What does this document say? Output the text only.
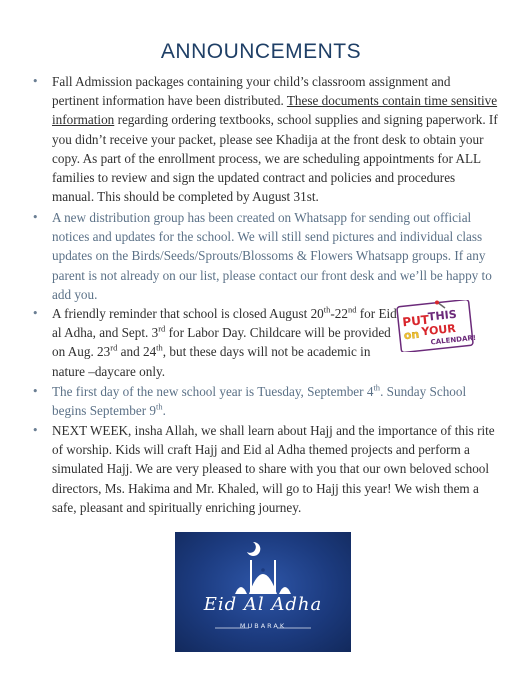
ANNOUNCEMENTS
•	Fall Admission packages containing your child’s classroom assignment and pertinent information have been distributed. These documents contain time sensitive information regarding ordering textbooks, school supplies and signing paperwork. If you didn’t receive your packet, please see Khadija at the front desk to obtain your copy. As part of the enrollment process, we are scheduling appointments for ALL families to review and sign the updated contract and policies and procedures manual. This should be completed by August 31st.
•	A new distribution group has been created on Whatsapp for sending out official notices and updates for the school. We will still send pictures and individual class updates on the Birds/Seeds/Sprouts/Blossoms & Flowers Whatsapp groups. If any parent is not already on our list, please contact our front desk and we’ll be happy to add you.
•	A friendly reminder that school is closed August 20th-22nd for Eid al Adha, and Sept. 3rd for Labor Day. Childcare will be provided on Aug. 23rd and 24th, but these days will not be academic in nature –daycare only.
PUT
THIS
on YOUR
CALENDAR!
•	The first day of the new school year is Tuesday, September 4th. Sunday School begins September 9th.
•	NEXT WEEK, insha Allah, we shall learn about Hajj and the importance of this rite of worship. Kids will craft Hajj and Eid al Adha themed projects and perform a simulated Hajj. We are very pleased to share with you that our own beloved school directors, Ms. Hakima and Mr. Khaled, will go to Hajj this year! We wish them a safe, pleasant and spiritually enriching journey.
Eid Al Adha
MUBARAK
